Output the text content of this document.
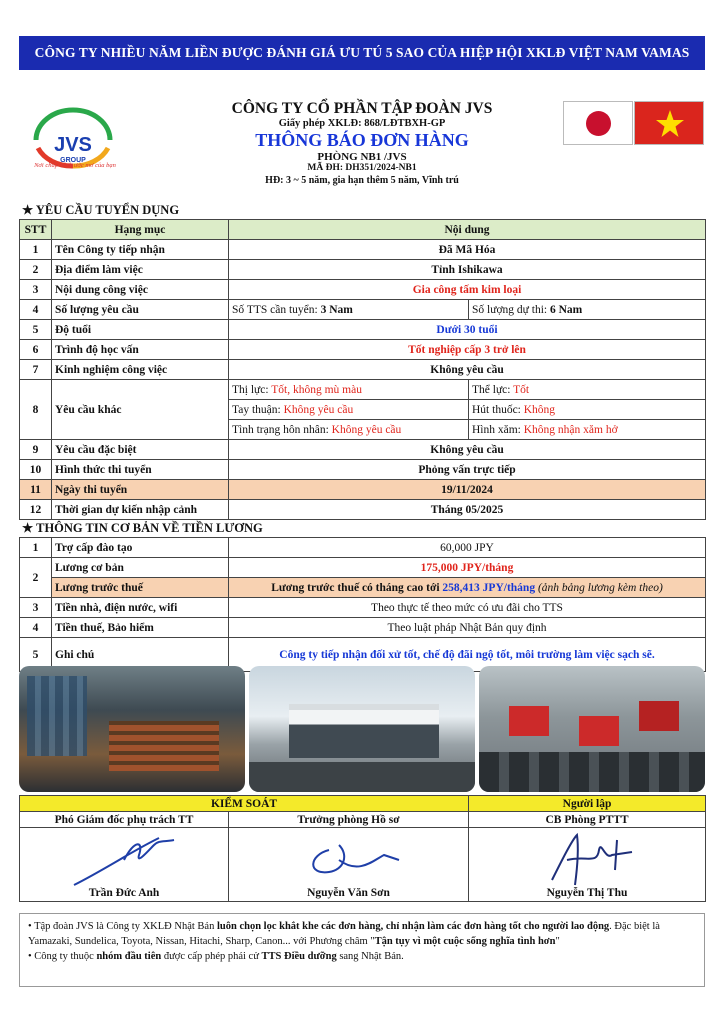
CÔNG TY NHIỀU NĂM LIỀN ĐƯỢC ĐÁNH GIÁ ƯU TÚ 5 SAO CỦA HIỆP HỘI XKLĐ VIỆT NAM VAMAS
JVS
GROUP
Nơi chắp cánh ước mơ của bạn
CÔNG TY CỔ PHẦN TẬP ĐOÀN JVS
Giấy phép XKLĐ: 868/LĐTBXH-GP
THÔNG BÁO ĐƠN HÀNG
PHÒNG NB1 /JVS
MÃ ĐH: DH351/2024-NB1
HĐ: 3 ~ 5 năm, gia hạn thêm 5 năm, Vĩnh trú
★ YÊU CẦU TUYỂN DỤNG
STT	Hạng mục	Nội dung	
1	Tên Công ty tiếp nhận	Đã Mã Hóa	
2	Địa điểm làm việc	Tỉnh Ishikawa	
3	Nội dung công việc	Gia công tấm kim loại	
4	Số lượng yêu cầu	Số TTS cần tuyển: 3 Nam	Số lượng dự thi: 6 Nam
5	Độ tuổi	Dưới 30 tuổi	
6	Trình độ học vấn	Tốt nghiệp cấp 3 trở lên	
7	Kinh nghiệm công việc	Không yêu cầu	
8	Yêu cầu khác	Thị lực: Tốt, không mù màu	Thể lực: Tốt
		Tay thuận: Không yêu cầu	Hút thuốc: Không
		Tình trạng hôn nhân: Không yêu cầu	Hình xăm: Không nhận xăm hở
9	Yêu cầu đặc biệt	Không yêu cầu	
10	Hình thức thi tuyển	Phỏng vấn trực tiếp	
11	Ngày thi tuyển	19/11/2024	
12	Thời gian dự kiến nhập cảnh	Tháng 05/2025	
★ THÔNG TIN CƠ BẢN VỀ TIỀN LƯƠNG
1	Trợ cấp đào tạo	60,000 JPY
2	Lương cơ bản	175,000 JPY/tháng
	Lương trước thuế	Lương trước thuế có tháng cao tới 258,413 JPY/tháng (ảnh bảng lương kèm theo)
3	Tiền nhà, điện nước, wifi	Theo thực tế theo mức có ưu đãi cho TTS
4	Tiền thuế, Bảo hiểm	Theo luật pháp Nhật Bản quy định
5	Ghi chú	Công ty tiếp nhận đối xử tốt, chế độ đãi ngộ tốt, môi trường làm việc sạch sẽ.
KIỂM SOÁT		Người lập
Phó Giám đốc phụ trách TT	Trưởng phòng Hồ sơ	CB Phòng PTTT

Trần Đức Anh	Nguyễn Văn Sơn	Nguyễn Thị Thu
• Tập đoàn JVS là Công ty XKLĐ Nhật Bản luôn chọn lọc khắt khe các đơn hàng, chỉ nhận làm các đơn hàng tốt cho người lao động. Đặc biệt là Yamazaki, Sundelica, Toyota, Nissan, Hitachi, Sharp, Canon... với Phương châm "Tận tụy vì một cuộc sống nghĩa tình hơn"
• Công ty thuộc nhóm đầu tiên được cấp phép phái cử TTS Điều dưỡng sang Nhật Bản.
